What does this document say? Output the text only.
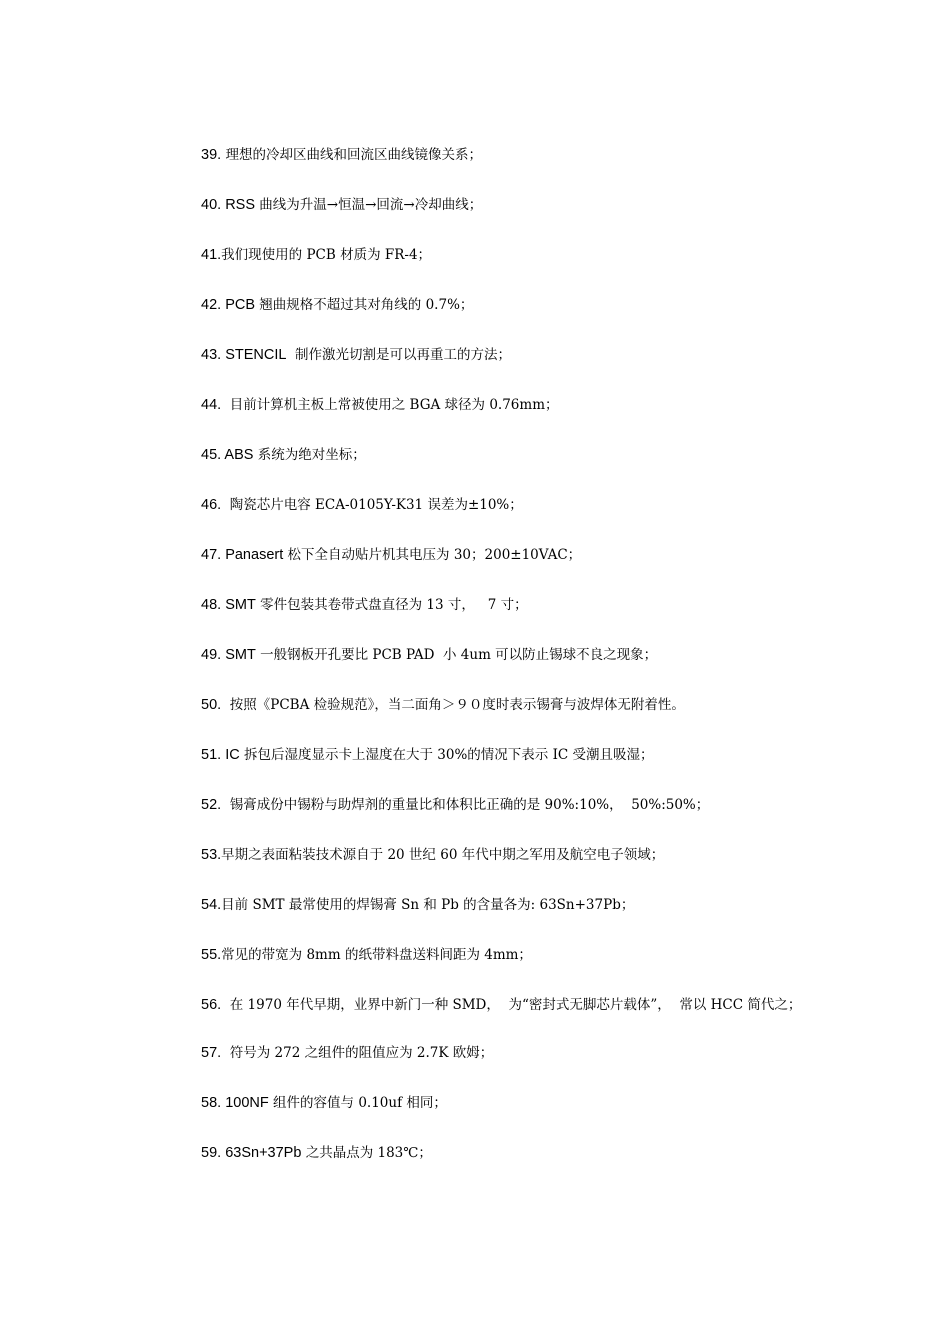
39. 理想的冷却区曲线和回流区曲线镜像关系；
40. RSS 曲线为升温→恒温→回流→冷却曲线；
41.我们现使用的 PCB 材质为 FR-4；
42. PCB 翘曲规格不超过其对角线的 0.7%；
43. STENCIL  制作激光切割是可以再重工的方法；
44.  目前计算机主板上常被使用之 BGA 球径为 0.76mm；
45. ABS 系统为绝对坐标；
46.  陶瓷芯片电容 ECA-0105Y-K31 误差为±10%；
47. Panasert 松下全自动贴片机其电压为 30；200±10VAC；
48. SMT 零件包装其卷带式盘直径为 13 寸，   7 寸；
49. SMT 一般钢板开孔要比 PCB PAD  小 4um 可以防止锡球不良之现象；
50.  按照《PCBA 检验规范》，当二面角＞９０度时表示锡膏与波焊体无附着性。
51. IC 拆包后湿度显示卡上湿度在大于 30%的情况下表示 IC 受潮且吸湿；
52.  锡膏成份中锡粉与助焊剂的重量比和体积比正确的是 90%:10%，  50%:50%；
53.早期之表面粘装技术源自于 20 世纪 60 年代中期之军用及航空电子领域；
54.目前 SMT 最常使用的焊锡膏 Sn 和 Pb 的含量各为: 63Sn+37Pb；
55.常见的带宽为 8mm 的纸带料盘送料间距为 4mm；
56.  在 1970 年代早期，业界中新门一种 SMD，  为“密封式无脚芯片载体”，  常以 HCC 简代之；
57.  符号为 272 之组件的阻值应为 2.7K 欧姆；
58. 100NF 组件的容值与 0.10uf 相同；
59. 63Sn+37Pb 之共晶点为 183℃；
